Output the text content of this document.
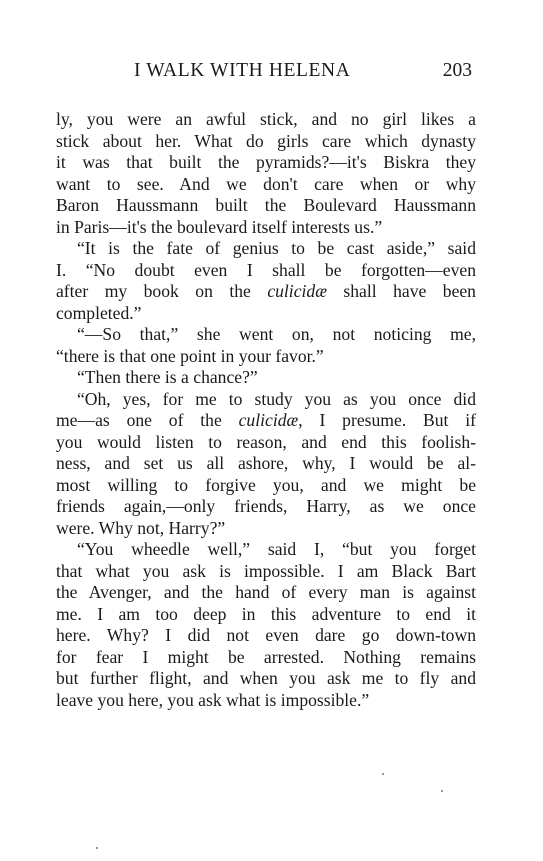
I WALK WITH HELENA	203
ly, you were an awful stick, and no girl likes a
stick about her. What do girls care which dynasty
it was that built the pyramids?—it's Biskra they
want to see. And we don't care when or why
Baron Haussmann built the Boulevard Haussmann
in Paris—it's the boulevard itself interests us.”
“It is the fate of genius to be cast aside,” said
I. “No doubt even I shall be forgotten—even
after my book on the culicidæ shall have been
completed.”
“—So that,” she went on, not noticing me,
“there is that one point in your favor.”
“Then there is a chance?”
“Oh, yes, for me to study you as you once did
me—as one of the culicidæ, I presume. But if
you would listen to reason, and end this foolish-
ness, and set us all ashore, why, I would be al-
most willing to forgive you, and we might be
friends again,—only friends, Harry, as we once
were. Why not, Harry?”
“You wheedle well,” said I, “but you forget
that what you ask is impossible. I am Black Bart
the Avenger, and the hand of every man is against
me. I am too deep in this adventure to end it
here. Why? I did not even dare go down-town
for fear I might be arrested. Nothing remains
but further flight, and when you ask me to fly and
leave you here, you ask what is impossible.”
